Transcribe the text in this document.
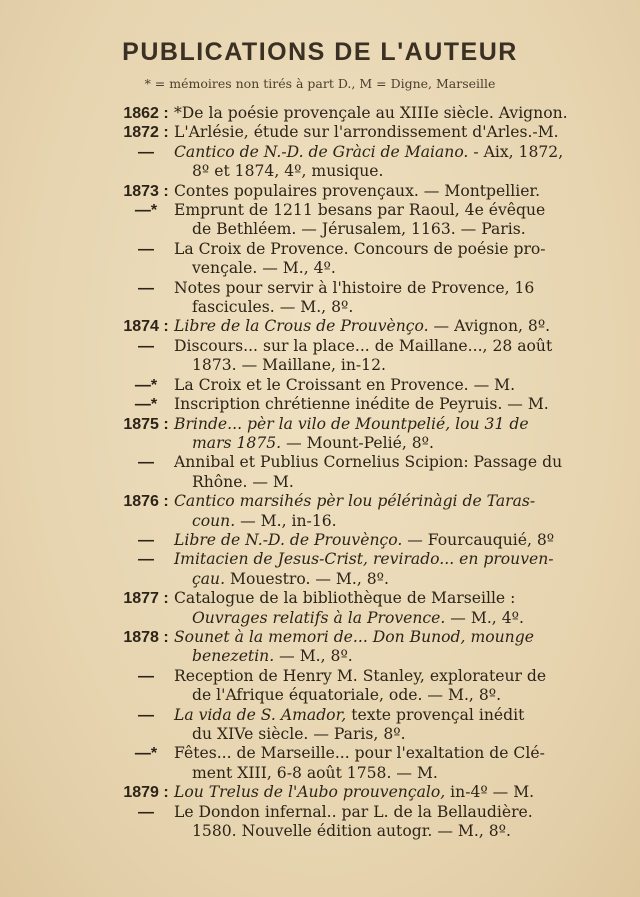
PUBLICATIONS DE L'AUTEUR
* = mémoires non tirés à part D., M = Digne, Marseille
1862 : *De la poésie provençale au XIIIe siècle. Avignon.
1872 : L'Arlésie, étude sur l'arrondissement d'Arles.-M.
—	Cantico de N.-D. de Gràci de Maiano. - Aix, 1872,
8º et 1874, 4º, musique.
1873 : Contes populaires provençaux. — Montpellier.
—*	Emprunt de 1211 besans par Raoul, 4e évêque
de Bethléem. — Jérusalem, 1163. — Paris.
—	La Croix de Provence. Concours de poésie pro-
vençale. — M., 4º.
—	Notes pour servir à l'histoire de Provence, 16
fascicules. — M., 8º.
1874 : Libre de la Crous de Prouvènço. — Avignon, 8º.
—	Discours... sur la place... de Maillane..., 28 août
1873. — Maillane, in-12.
—*	La Croix et le Croissant en Provence. — M.
—*	Inscription chrétienne inédite de Peyruis. — M.
1875 : Brinde... pèr la vilo de Mountpelié, lou 31 de
mars 1875. — Mount-Pelié, 8º.
—	Annibal et Publius Cornelius Scipion: Passage du
Rhône. — M.
1876 : Cantico marsihés pèr lou pélérinàgi de Taras-
coun. — M., in-16.
—	Libre de N.-D. de Prouvènço. — Fourcauquié, 8º
—	Imitacien de Jesus-Crist, revirado... en prouven-
çau. Mouestro. — M., 8º.
1877 : Catalogue de la bibliothèque de Marseille :
Ouvrages relatifs à la Provence. — M., 4º.
1878 : Sounet à la memori de... Don Bunod, mounge
benezetin. — M., 8º.
—	Reception de Henry M. Stanley, explorateur de
de l'Afrique équatoriale, ode. — M., 8º.
—	La vida de S. Amador, texte provençal inédit
du XIVe siècle. — Paris, 8º.
—*	Fêtes... de Marseille... pour l'exaltation de Clé-
ment XIII, 6-8 août 1758. — M.
1879 : Lou Trelus de l'Aubo prouvençalo, in-4º — M.
—	Le Dondon infernal.. par L. de la Bellaudière.
1580. Nouvelle édition autogr. — M., 8º.
